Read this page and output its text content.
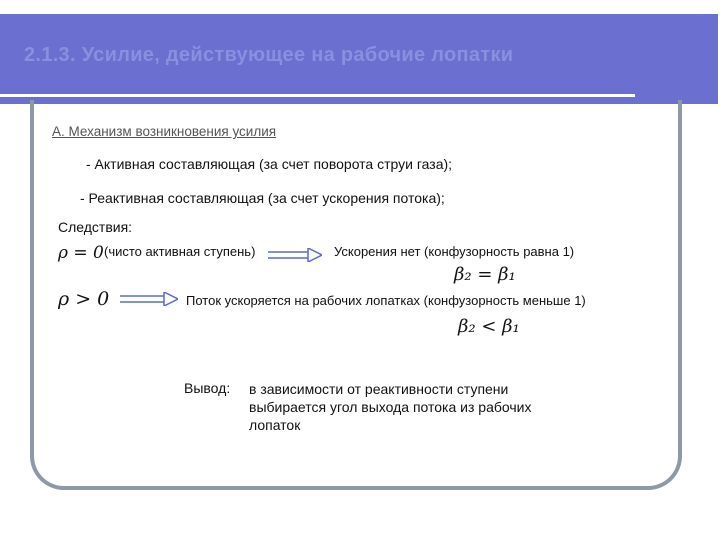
2.1.3. Усилие, действующее на рабочие лопатки
А. Механизм возникновения усилия
- Активная составляющая (за счет поворота струи газа);
- Реактивная составляющая (за счет ускорения потока);
Следствия:
ρ = 0 (чисто активная ступень)	Ускорения нет (конфузорность равна 1)
β₂ = β₁
ρ > 0	Поток ускоряется на рабочих лопатках (конфузорность меньше 1)
β₂ < β₁
Вывод: в зависимости от реактивности ступени
выбирается угол выхода потока из рабочих
лопаток
